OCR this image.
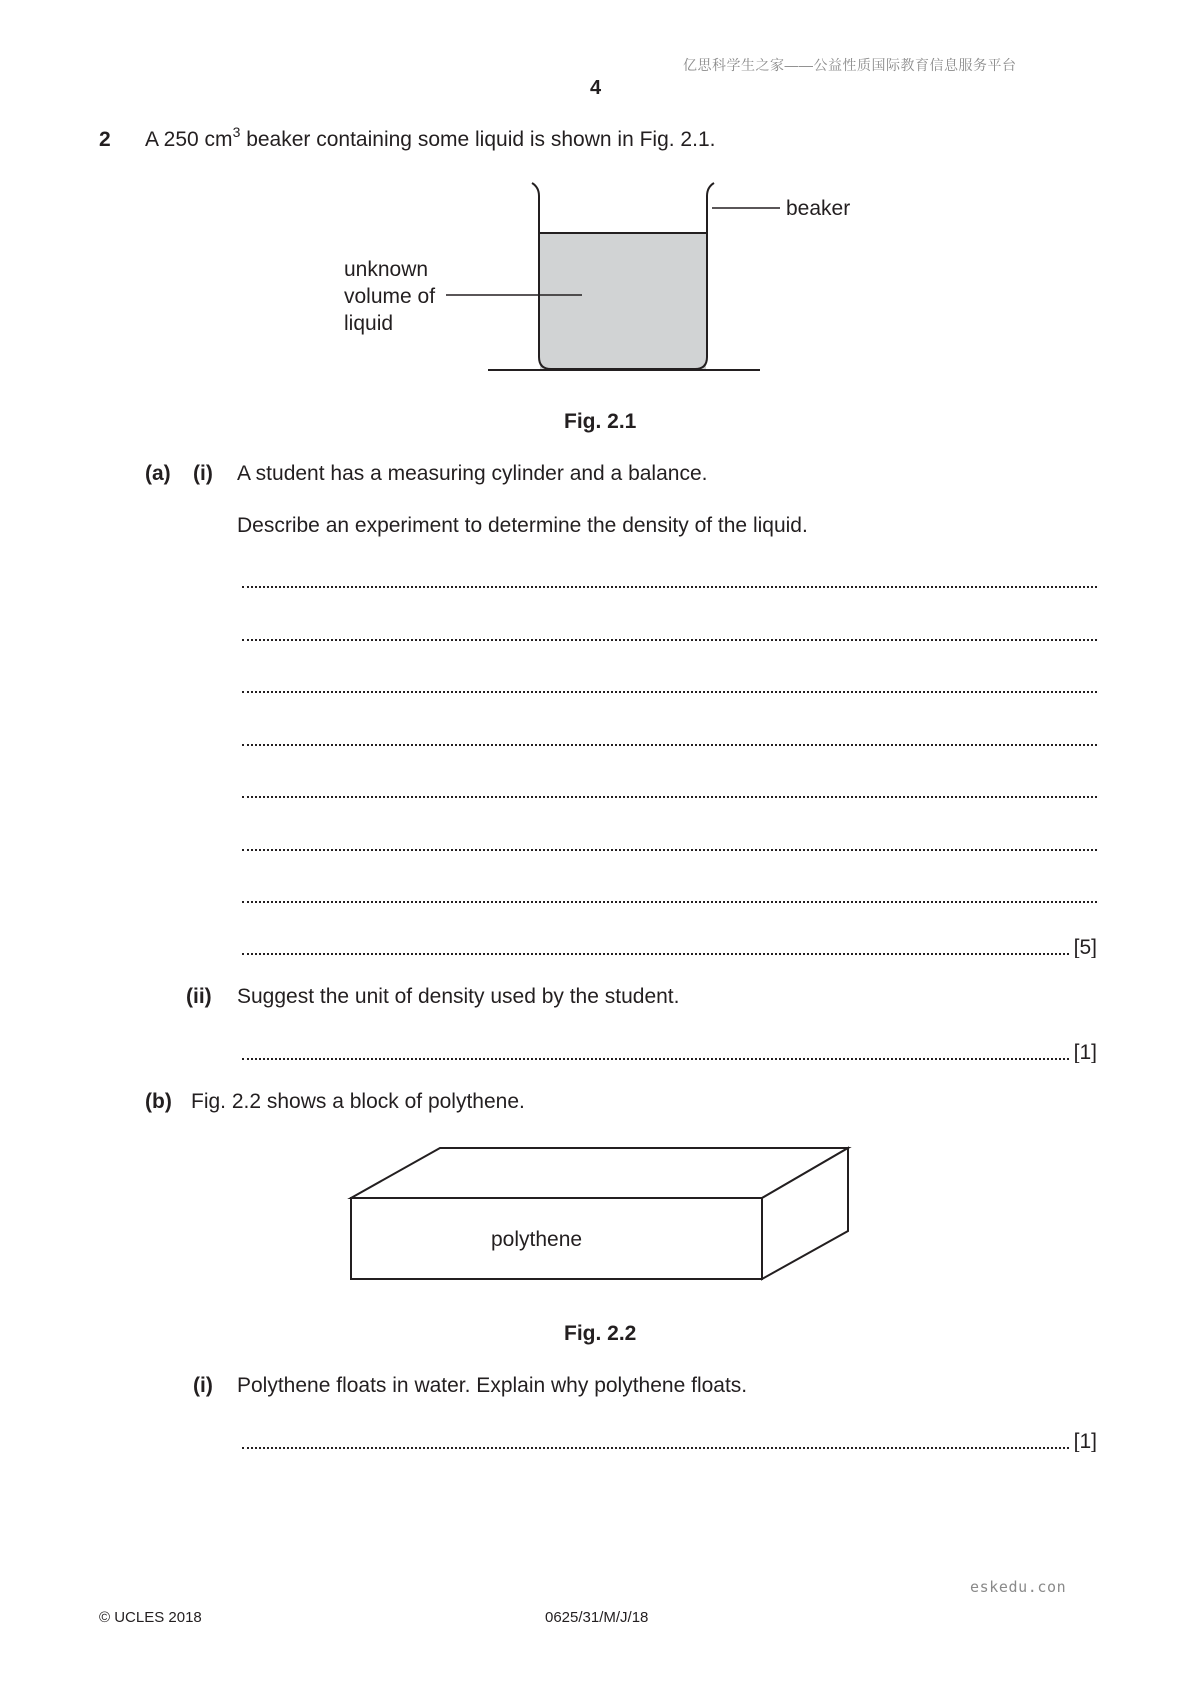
亿思科学生之家——公益性质国际教育信息服务平台
4
2 A 250 $cm^3$ beaker containing some liquid is shown in Fig. 2.1.
beaker
unknown
volume of
liquid
Fig. 2.1
(a) (i) A student has a measuring cylinder and a balance.
Describe an experiment to determine the density of the liquid.
[5]
(ii) Suggest the unit of density used by the student.
[1]
(b) Fig. 2.2 shows a block of polythene.
polythene
Fig. 2.2
(i) Polythene floats in water. Explain why polythene floats.
[1]
eskedu.con
© UCLES 2018	0625/31/M/J/18
